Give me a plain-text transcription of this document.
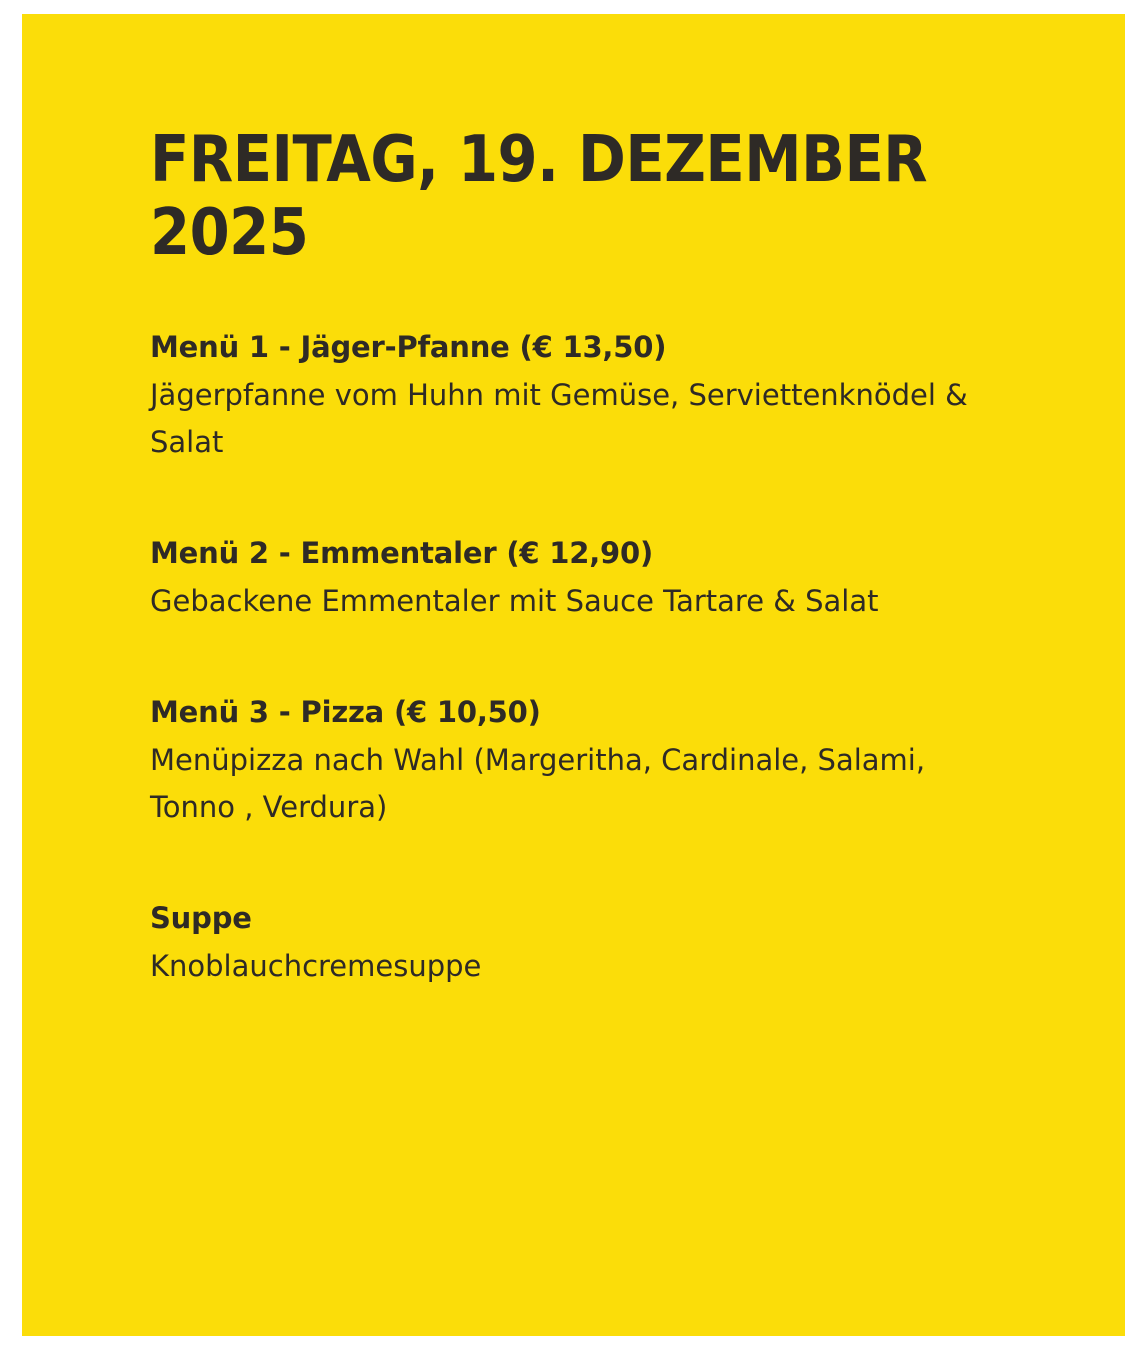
FREITAG, 19. DEZEMBER 2025
Menü 1 - Jäger-Pfanne (€ 13,50)

Jägerpfanne vom Huhn mit Gemüse, Serviettenknödel & Salat

Menü 2 - Emmentaler (€ 12,90)

Gebackene Emmentaler mit Sauce Tartare & Salat

Menü 3 - Pizza (€ 10,50)

Menüpizza nach Wahl (Margeritha, Cardinale, Salami, Tonno , Verdura)

Suppe

Knoblauchcremesuppe
